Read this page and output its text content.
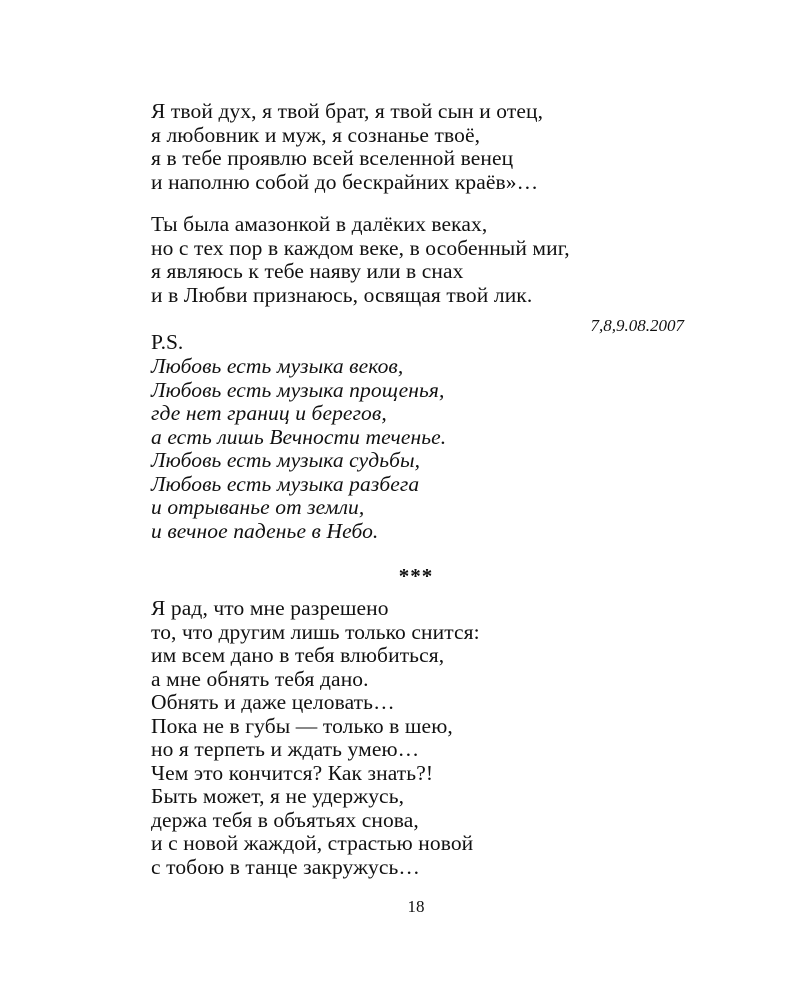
Я твой дух, я твой брат, я твой сын и отец,
я любовник и муж, я сознанье твоё,
я в тебе проявлю всей вселенной венец
и наполню собой до бескрайних краёв»…
Ты была амазонкой в далёких веках,
но с тех пор в каждом веке, в особенный миг,
я являюсь к тебе наяву или в снах
и в Любви признаюсь, освящая твой лик.
7,8,9.08.2007
P.S.
Любовь есть музыка веков,
Любовь есть музыка прощенья,
где нет границ и берегов,
а есть лишь Вечности теченье.
Любовь есть музыка судьбы,
Любовь есть музыка разбега
и отрыванье от земли,
и вечное паденье в Небо.
***
Я рад, что мне разрешено
то, что другим лишь только снится:
им всем дано в тебя влюбиться,
а мне обнять тебя дано.
Обнять и даже целовать…
Пока не в губы — только в шею,
но я терпеть и ждать умею…
Чем это кончится? Как знать?!
Быть может, я не удержусь,
держа тебя в объятьях снова,
и с новой жаждой, страстью новой
с тобою в танце закружусь…
18
